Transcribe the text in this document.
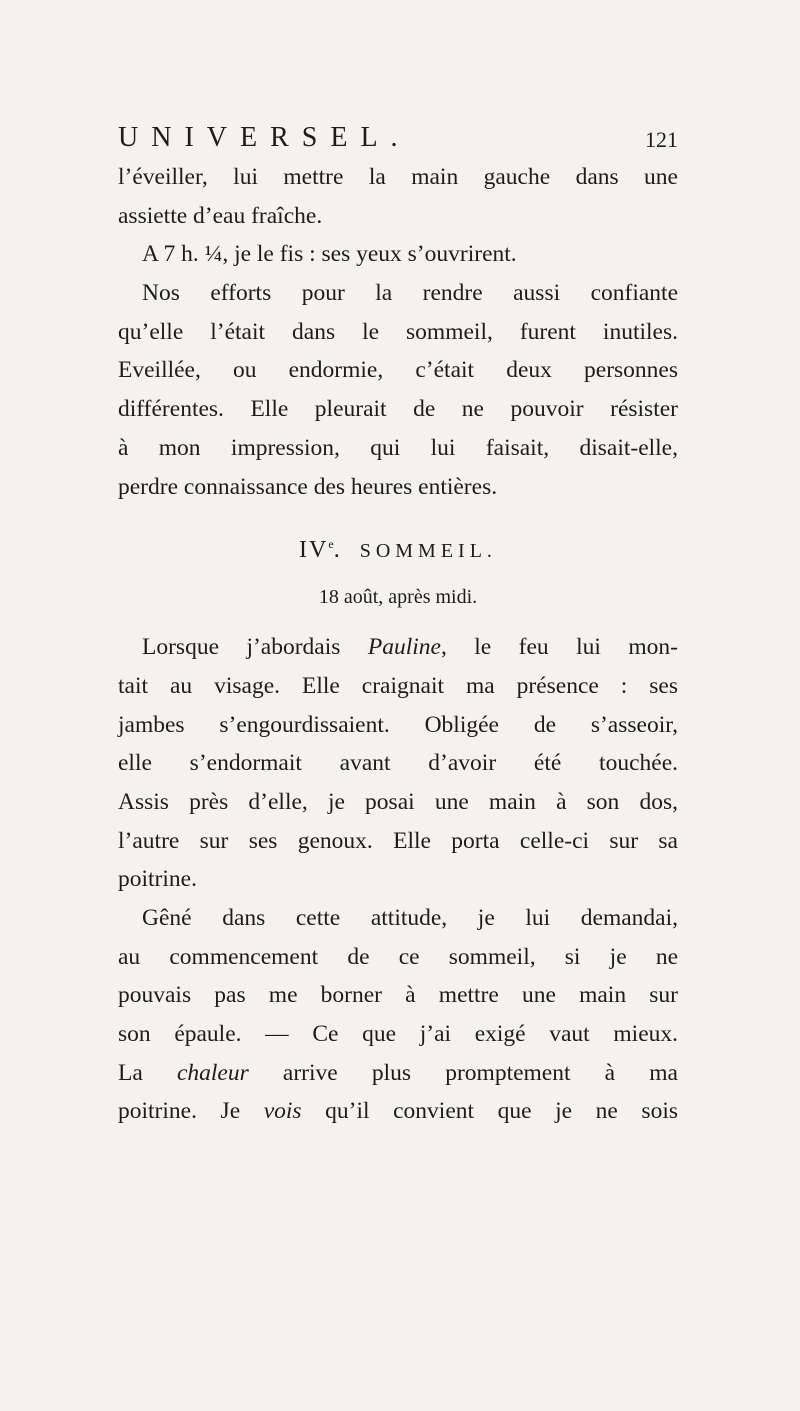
UNIVERSEL.	121
l’éveiller, lui mettre la main gauche dans une
assiette d’eau fraîche.
A 7 h. ¼, je le fis : ses yeux s’ouvrirent.
Nos efforts pour la rendre aussi confiante
qu’elle l’était dans le sommeil, furent inutiles.
Eveillée, ou endormie, c’était deux personnes
différentes. Elle pleurait de ne pouvoir résister
à mon impression, qui lui faisait, disait-elle,
perdre connaissance des heures entières.
IVe. SOMMEIL.
18 août, après midi.
Lorsque j’abordais Pauline, le feu lui mon-
tait au visage. Elle craignait ma présence : ses
jambes s’engourdissaient. Obligée de s’asseoir,
elle s’endormait avant d’avoir été touchée.
Assis près d’elle, je posai une main à son dos,
l’autre sur ses genoux. Elle porta celle-ci sur sa
poitrine.
Gêné dans cette attitude, je lui demandai,
au commencement de ce sommeil, si je ne
pouvais pas me borner à mettre une main sur
son épaule. — Ce que j’ai exigé vaut mieux.
La chaleur arrive plus promptement à ma
poitrine. Je vois qu’il convient que je ne sois
